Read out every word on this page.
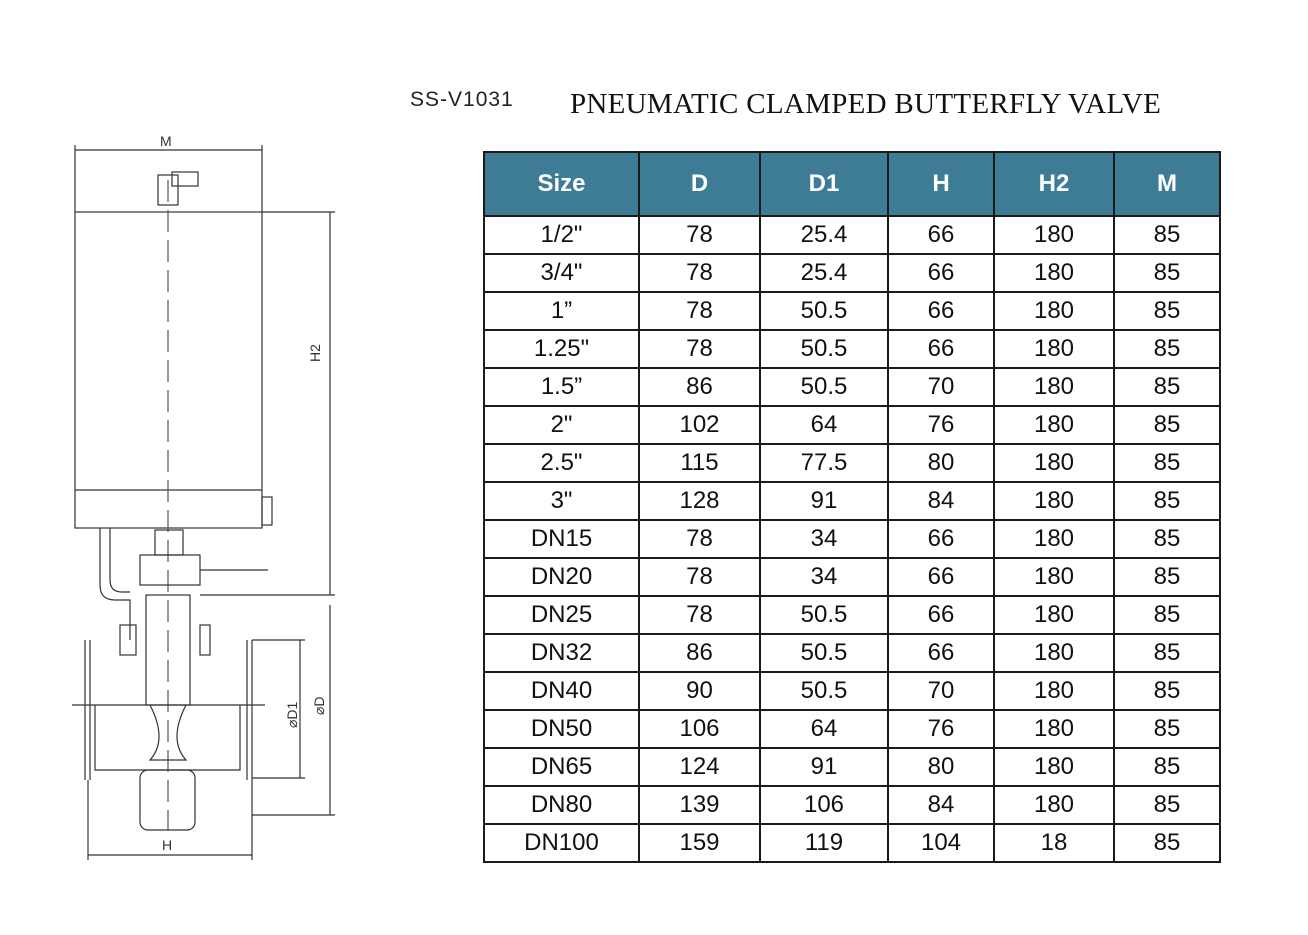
SS-V1031 PNEUMATIC CLAMPED BUTTERFLY VALVE
M
H2
⌀D1 ⌀D
H
Size	D	D1	H	H2	M
1/2"	78	25.4	66	180	85
3/4"	78	25.4	66	180	85
1”	78	50.5	66	180	85
1.25"	78	50.5	66	180	85
1.5”	86	50.5	70	180	85
2"	102	64	76	180	85
2.5"	115	77.5	80	180	85
3"	128	91	84	180	85
DN15	78	34	66	180	85
DN20	78	34	66	180	85
DN25	78	50.5	66	180	85
DN32	86	50.5	66	180	85
DN40	90	50.5	70	180	85
DN50	106	64	76	180	85
DN65	124	91	80	180	85
DN80	139	106	84	180	85
DN100	159	119	104	18	85
